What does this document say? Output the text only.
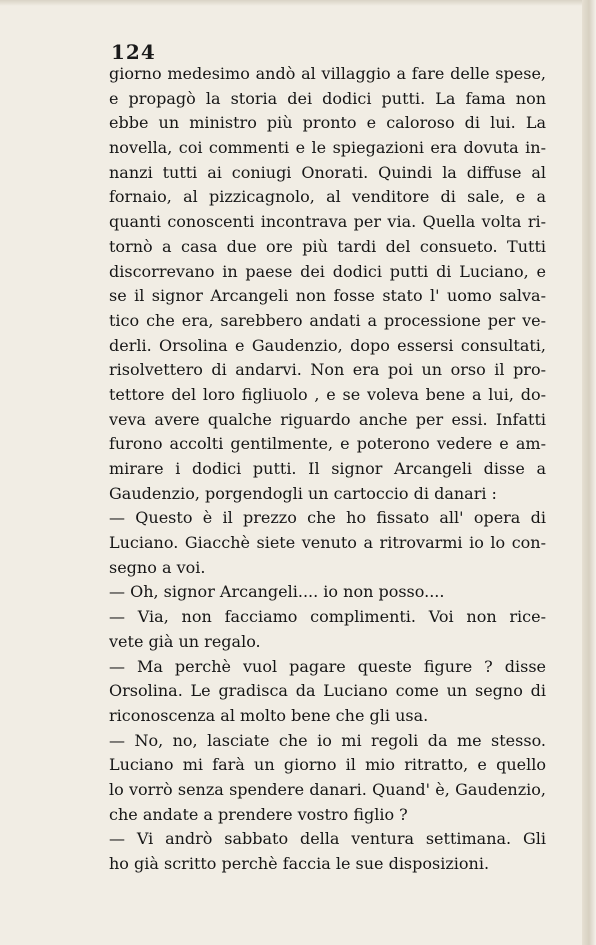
124
giorno medesimo andò al villaggio a fare delle spese,
e propagò la storia dei dodici putti. La fama non
ebbe un ministro più pronto e caloroso di lui. La
novella, coi commenti e le spiegazioni era dovuta in-
nanzi tutti ai coniugi Onorati. Quindi la diffuse al
fornaio, al pizzicagnolo, al venditore di sale, e a
quanti conoscenti incontrava per via. Quella volta ri-
tornò a casa due ore più tardi del consueto. Tutti
discorrevano in paese dei dodici putti di Luciano, e
se il signor Arcangeli non fosse stato l' uomo salva-
tico che era, sarebbero andati a processione per ve-
derli. Orsolina e Gaudenzio, dopo essersi consultati,
risolvettero di andarvi. Non era poi un orso il pro-
tettore del loro figliuolo , e se voleva bene a lui, do-
veva avere qualche riguardo anche per essi. Infatti
furono accolti gentilmente, e poterono vedere e am-
mirare i dodici putti. Il signor Arcangeli disse a
Gaudenzio, porgendogli un cartoccio di danari :
— Questo è il prezzo che ho fissato all' opera di
Luciano. Giacchè siete venuto a ritrovarmi io lo con-
segno a voi.
— Oh, signor Arcangeli.... io non posso....
— Via, non facciamo complimenti. Voi non rice-
vete già un regalo.
— Ma perchè vuol pagare queste figure ? disse
Orsolina. Le gradisca da Luciano come un segno di
riconoscenza al molto bene che gli usa.
— No, no, lasciate che io mi regoli da me stesso.
Luciano mi farà un giorno il mio ritratto, e quello
lo vorrò senza spendere danari. Quand' è, Gaudenzio,
che andate a prendere vostro figlio ?
— Vi andrò sabbato della ventura settimana. Gli
ho già scritto perchè faccia le sue disposizioni.
